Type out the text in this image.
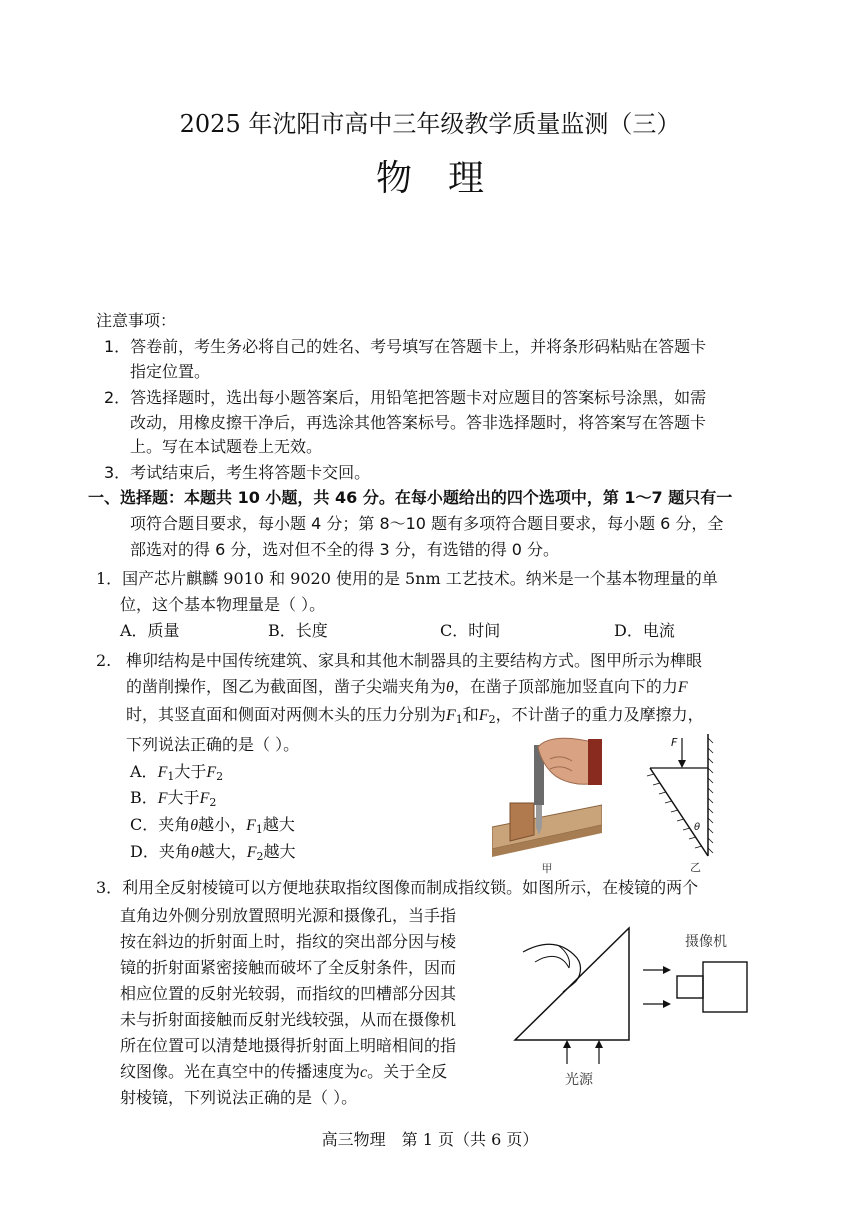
2025 年沈阳市高中三年级教学质量监测（三）
物理
注意事项：
1．答卷前，考生务必将自己的姓名、考号填写在答题卡上，并将条形码粘贴在答题卡
指定位置。
2．答选择题时，选出每小题答案后，用铅笔把答题卡对应题目的答案标号涂黑，如需
改动，用橡皮擦干净后，再选涂其他答案标号。答非选择题时，将答案写在答题卡
上。写在本试题卷上无效。
3．考试结束后，考生将答题卡交回。
一、选择题：本题共 10 小题，共 46 分。在每小题给出的四个选项中，第 1～7 题只有一
项符合题目要求，每小题 4 分；第 8～10 题有多项符合题目要求，每小题 6 分，全
部选对的得 6 分，选对但不全的得 3 分，有选错的得 0 分。
1．国产芯片麒麟 9010 和 9020 使用的是 5nm 工艺技术。纳米是一个基本物理量的单
位，这个基本物理量是（ ）。
A．质量	B．长度	C．时间	D．电流
2. 榫卯结构是中国传统建筑、家具和其他木制器具的主要结构方式。图甲所示为榫眼
的凿削操作，图乙为截面图，凿子尖端夹角为θ，在凿子顶部施加竖直向下的力F
时，其竖直面和侧面对两侧木头的压力分别为$F_1$和$F_2$，不计凿子的重力及摩擦力，
下列说法正确的是（ ）。
A．$F_1$大于$F_2$
B．F大于$F_2$
C．夹角θ越小，$F_1$越大
D．夹角θ越大，$F_2$越大
甲
F
θ
乙
3．利用全反射棱镜可以方便地获取指纹图像而制成指纹锁。如图所示，在棱镜的两个
直角边外侧分别放置照明光源和摄像孔，当手指
按在斜边的折射面上时，指纹的突出部分因与棱
镜的折射面紧密接触而破坏了全反射条件，因而
相应位置的反射光较弱，而指纹的凹槽部分因其
未与折射面接触而反射光线较强，从而在摄像机
所在位置可以清楚地摄得折射面上明暗相间的指
纹图像。光在真空中的传播速度为c。关于全反
射棱镜，下列说法正确的是（ ）。
摄像机
光源
高三物理　第 1 页（共 6 页）
